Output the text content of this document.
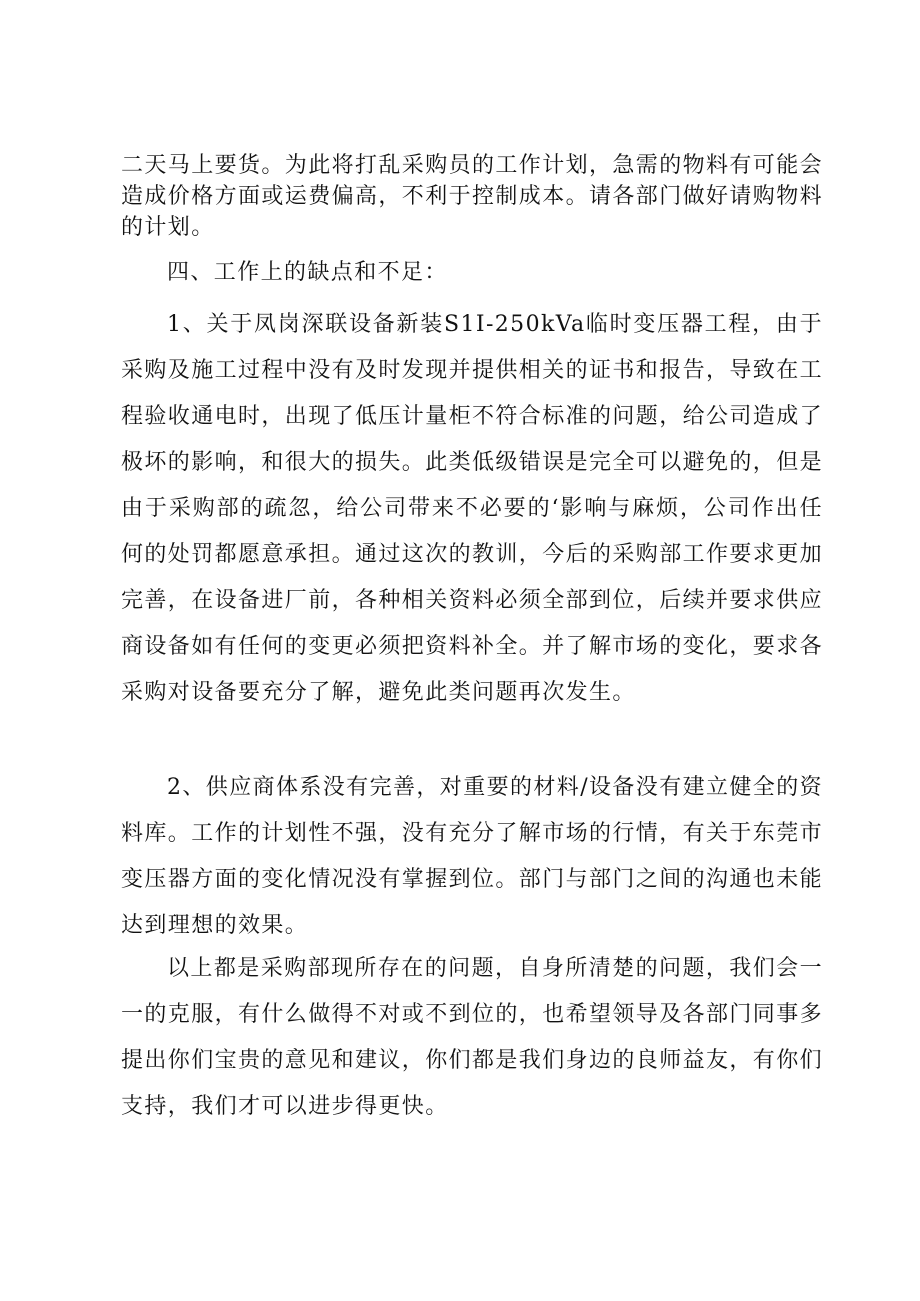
二天马上要货。为此将打乱采购员的工作计划，急需的物料有可能会造成价格方面或运费偏高，不利于控制成本。请各部门做好请购物料的计划。

四、工作上的缺点和不足：

1、关于凤岗深联设备新装S1I-250kVa临时变压器工程，由于采购及施工过程中没有及时发现并提供相关的证书和报告，导致在工程验收通电时，出现了低压计量柜不符合标准的问题，给公司造成了极坏的影响，和很大的损失。此类低级错误是完全可以避免的，但是由于采购部的疏忽，给公司带来不必要的‘影响与麻烦，公司作出任何的处罚都愿意承担。通过这次的教训，今后的采购部工作要求更加完善，在设备进厂前，各种相关资料必须全部到位，后续并要求供应商设备如有任何的变更必须把资料补全。并了解市场的变化，要求各采购对设备要充分了解，避免此类问题再次发生。

2、供应商体系没有完善，对重要的材料/设备没有建立健全的资料库。工作的计划性不强，没有充分了解市场的行情，有关于东莞市变压器方面的变化情况没有掌握到位。部门与部门之间的沟通也未能达到理想的效果。

以上都是采购部现所存在的问题，自身所清楚的问题，我们会一一的克服，有什么做得不对或不到位的，也希望领导及各部门同事多提出你们宝贵的意见和建议，你们都是我们身边的良师益友，有你们支持，我们才可以进步得更快。
